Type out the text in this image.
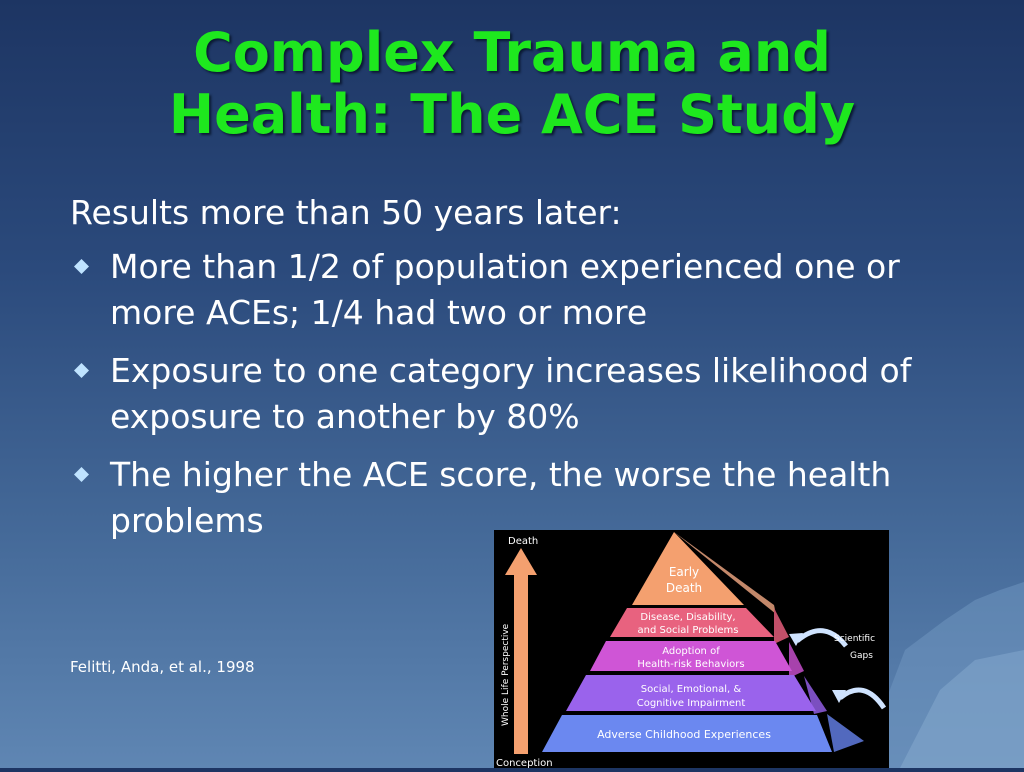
Complex Trauma and
Health: The ACE Study
Results more than 50 years later:
More than 1/2 of population experienced one or more ACEs; 1/4 had two or more
Exposure to one category increases likelihood of exposure to another by 80%
The higher the ACE score, the worse the health problems
Felitti, Anda, et al., 1998
Death
Conception
Whole Life Perspective	Scientific
Gaps
Early
Death
Disease, Disability,
and Social Problems
Adoption of
Health-risk Behaviors
Social, Emotional, &
Cognitive Impairment
Adverse Childhood Experiences
